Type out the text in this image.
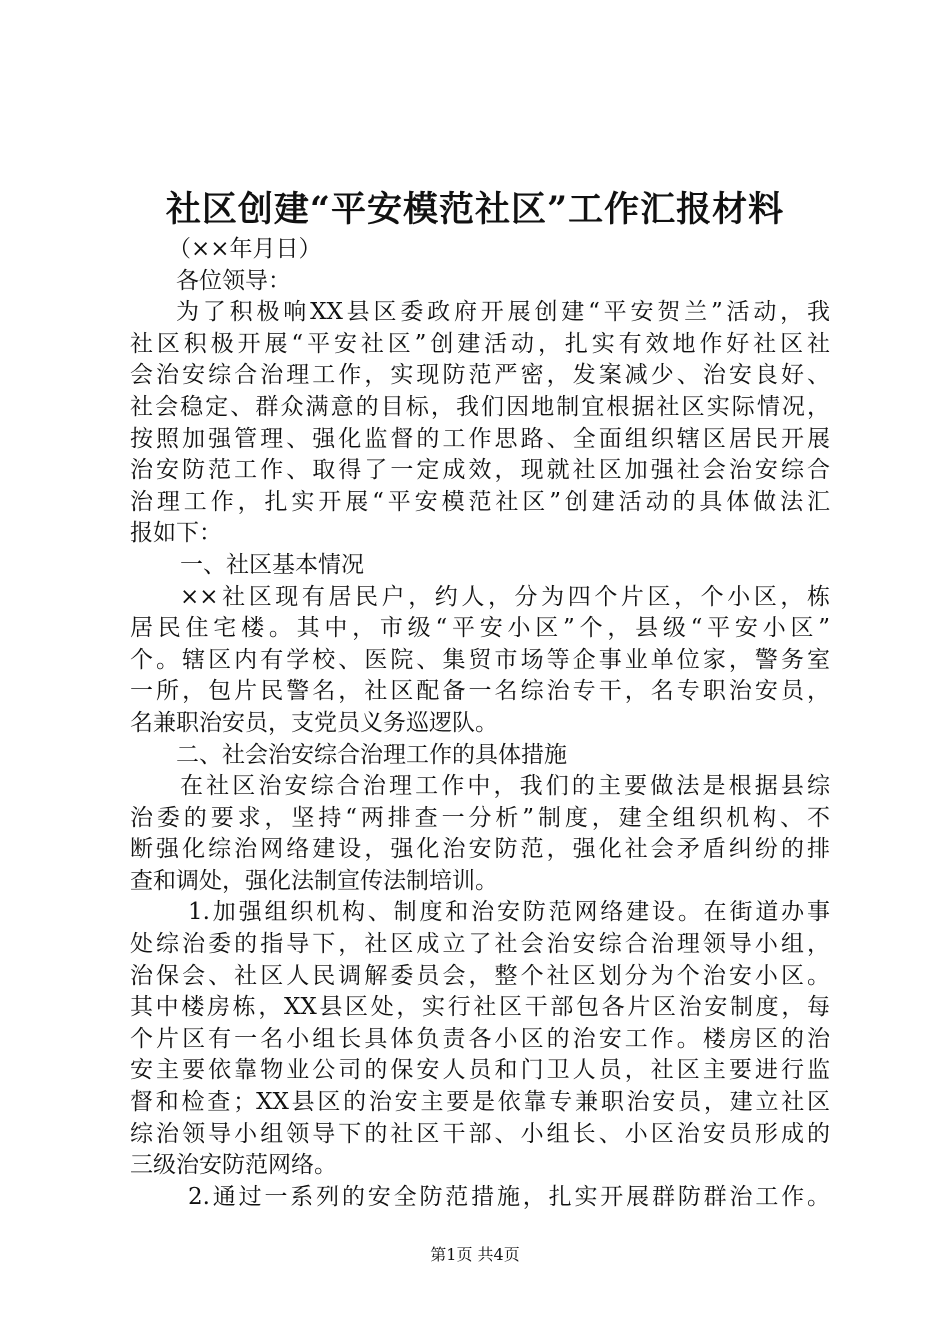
社区创建“平安模范社区”工作汇报材料
（××年月日）
各位领导：
为了积极响XX县区委政府开展创建“平安贺兰”活动，我
社区积极开展“平安社区”创建活动，扎实有效地作好社区社
会治安综合治理工作，实现防范严密，发案减少、治安良好、
社会稳定、群众满意的目标，我们因地制宜根据社区实际情况，
按照加强管理、强化监督的工作思路、全面组织辖区居民开展
治安防范工作、取得了一定成效，现就社区加强社会治安综合
治理工作，扎实开展“平安模范社区”创建活动的具体做法汇
报如下：
一、社区基本情况
××社区现有居民户，约人，分为四个片区，个小区，栋
居民住宅楼。其中，市级“平安小区”个，县级“平安小区”
个。辖区内有学校、医院、集贸市场等企事业单位家，警务室
一所，包片民警名，社区配备一名综治专干，名专职治安员，
名兼职治安员，支党员义务巡逻队。
二、社会治安综合治理工作的具体措施
在社区治安综合治理工作中，我们的主要做法是根据县综
治委的要求，坚持“两排查一分析”制度，建全组织机构、不
断强化综治网络建设，强化治安防范，强化社会矛盾纠纷的排
查和调处，强化法制宣传法制培训。
1.加强组织机构、制度和治安防范网络建设。在街道办事
处综治委的指导下，社区成立了社会治安综合治理领导小组，
治保会、社区人民调解委员会，整个社区划分为个治安小区。
其中楼房栋，XX县区处，实行社区干部包各片区治安制度，每
个片区有一名小组长具体负责各小区的治安工作。楼房区的治
安主要依靠物业公司的保安人员和门卫人员，社区主要进行监
督和检查；XX县区的治安主要是依靠专兼职治安员，建立社区
综治领导小组领导下的社区干部、小组长、小区治安员形成的
三级治安防范网络。
2.通过一系列的安全防范措施，扎实开展群防群治工作。
第1页 共4页
